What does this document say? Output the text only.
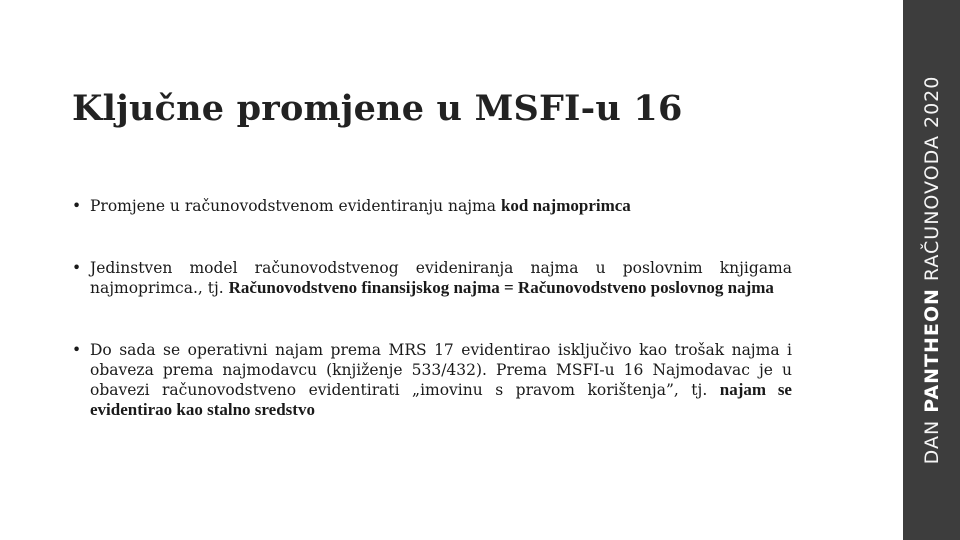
Ključne promjene u MSFI-u 16
• Promjene u računovodstvenom evidentiranju najma kod najmoprimca
• Jedinstven model računovodstvenog evideniranja najma u poslovnim knjigama najmoprimca., tj. Računovodstveno finansijskog najma = Računovodstveno poslovnog najma
• Do sada se operativni najam prema MRS 17 evidentirao isključivo kao trošak najma i obaveza prema najmodavcu (knjiženje 533/432). Prema MSFI-u 16 Najmodavac je u obavezi računovodstveno evidentirati „imovinu s pravom korištenja”, tj. najam se evidentirao kao stalno sredstvo
DAN PANTHEON RAČUNOVODA 2020
